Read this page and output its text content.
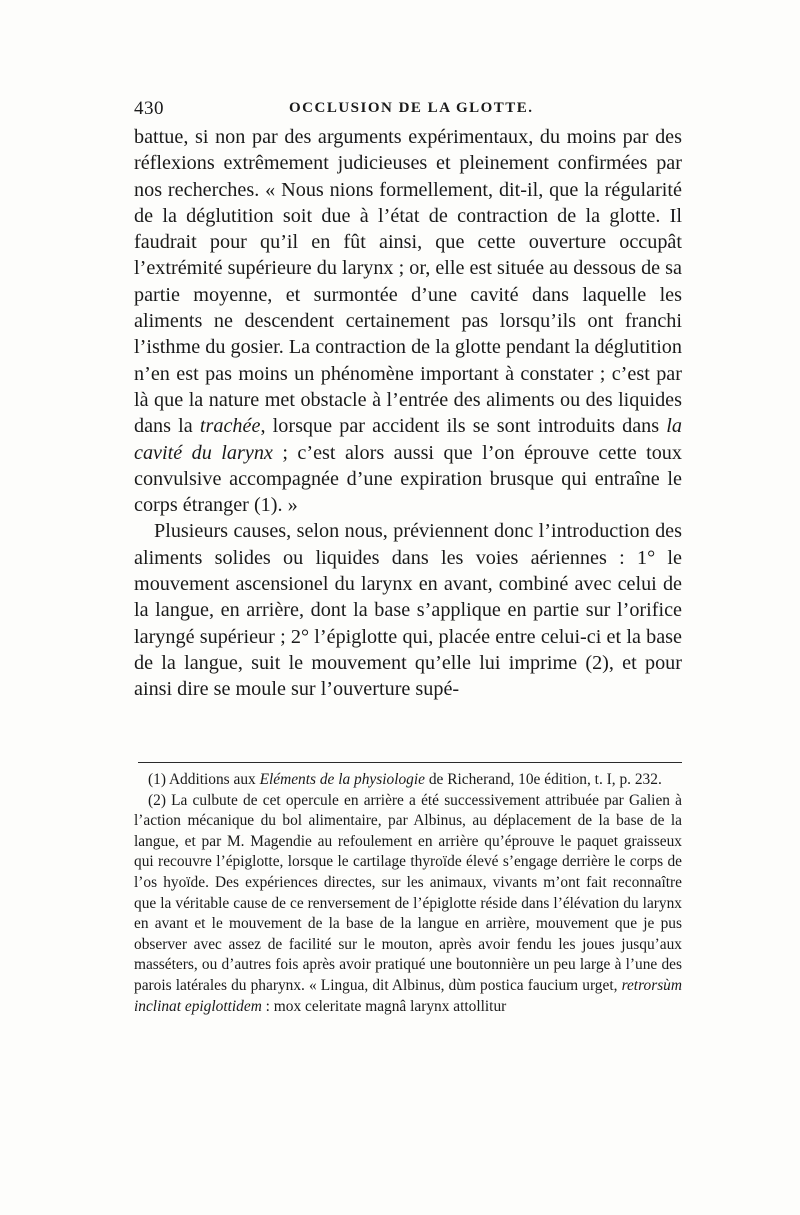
430	OCCLUSION DE LA GLOTTE.

battue, si non par des arguments expérimentaux, du moins par des réflexions extrêmement judicieuses et pleinement confirmées par nos recherches. « Nous nions formellement, dit-il, que la régularité de la déglutition soit due à l’état de contraction de la glotte. Il faudrait pour qu’il en fût ainsi, que cette ouverture occupât l’extrémité supérieure du larynx ; or, elle est située au dessous de sa partie moyenne, et surmontée d’une cavité dans laquelle les aliments ne descendent certainement pas lorsqu’ils ont franchi l’isthme du gosier. La contraction de la glotte pendant la déglutition n’en est pas moins un phénomène important à constater ; c’est par là que la nature met obstacle à l’entrée des aliments ou des liquides dans la trachée, lorsque par accident ils se sont introduits dans la cavité du larynx ; c’est alors aussi que l’on éprouve cette toux convulsive accompagnée d’une expiration brusque qui entraîne le corps étranger (1). »

Plusieurs causes, selon nous, préviennent donc l’introduction des aliments solides ou liquides dans les voies aériennes : 1° le mouvement ascensionel du larynx en avant, combiné avec celui de la langue, en arrière, dont la base s’applique en partie sur l’orifice laryngé supérieur ; 2° l’épiglotte qui, placée entre celui-ci et la base de la langue, suit le mouvement qu’elle lui imprime (2), et pour ainsi dire se moule sur l’ouverture supé-

(1) Additions aux Eléments de la physiologie de Richerand, 10e édition, t. I, p. 232.

(2) La culbute de cet opercule en arrière a été successivement attribuée par Galien à l’action mécanique du bol alimentaire, par Albinus, au déplacement de la base de la langue, et par M. Magendie au refoulement en arrière qu’éprouve le paquet graisseux qui recouvre l’épiglotte, lorsque le cartilage thyroïde élevé s’engage derrière le corps de l’os hyoïde. Des expériences directes, sur les animaux, vivants m’ont fait reconnaître que la véritable cause de ce renversement de l’épiglotte réside dans l’élévation du larynx en avant et le mouvement de la base de la langue en arrière, mouvement que je pus observer avec assez de facilité sur le mouton, après avoir fendu les joues jusqu’aux masséters, ou d’autres fois après avoir pratiqué une boutonnière un peu large à l’une des parois latérales du pharynx. « Lingua, dit Albinus, dùm postica faucium urget, retrorsùm inclinat epiglottidem : mox celeritate magnâ larynx attollitur
